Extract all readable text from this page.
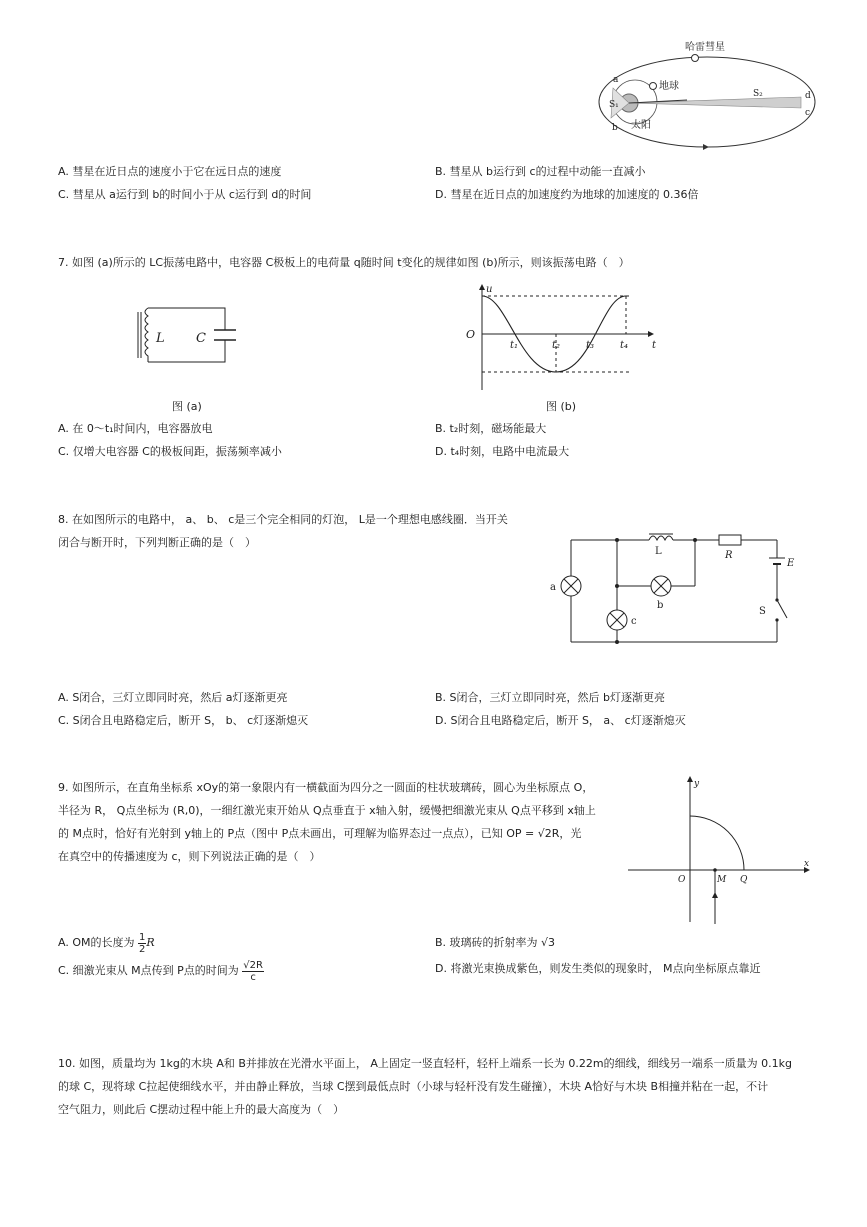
哈雷彗星
地球
太阳
S₁
S₂
a
b
c
d
A. 彗星在近日点的速度小于它在远日点的速度	B. 彗星从 b运行到 c的过程中动能一直减小
C. 彗星从 a运行到 b的时间小于从 c运行到 d的时间	D. 彗星在近日点的加速度约为地球的加速度的 0.36倍
7. 如图 (a)所示的 LC振荡电路中，电容器 C极板上的电荷量 q随时间 t变化的规律如图 (b)所示，则该振荡电路（　）
L C
u
t
O
t₁	t₂	t₃	t₄
图 (a)	图 (b)
A. 在 0～t₁时间内，电容器放电	B. t₂时刻，磁场能最大
C. 仅增大电容器 C的极板间距，振荡频率减小	D. t₄时刻，电路中电流最大
8. 在如图所示的电路中， a、 b、 c是三个完全相同的灯泡， L是一个理想电感线圈．当开关
闭合与断开时，下列判断正确的是（　）
L	R
E
S
a
b
c
A. S闭合，三灯立即同时亮，然后 a灯逐渐更亮	B. S闭合，三灯立即同时亮，然后 b灯逐渐更亮
C. S闭合且电路稳定后，断开 S， b、 c灯逐渐熄灭	D. S闭合且电路稳定后，断开 S， a、 c灯逐渐熄灭
9. 如图所示，在直角坐标系 xOy的第一象限内有一横截面为四分之一圆面的柱状玻璃砖，圆心为坐标原点 O，
半径为 R， Q点坐标为 (R,0)，一细红激光束开始从 Q点垂直于 x轴入射，缓慢把细激光束从 Q点平移到 x轴上
的 M点时，恰好有光射到 y轴上的 P点（图中 P点未画出，可理解为临界态过一点点），已知 OP = √2R，光
在真空中的传播速度为 c，则下列说法正确的是（　）
y
x
O	M Q
A. OM的长度为 $\frac{1}{2}$ R	B. 玻璃砖的折射率为 √3
C. 细激光束从 M点传到 P点的时间为 $\frac{√2R}{c}$	D. 将激光束换成紫色，则发生类似的现象时， M点向坐标原点靠近
10. 如图，质量均为 1kg的木块 A和 B并排放在光滑水平面上， A上固定一竖直轻杆，轻杆上端系一长为 0.22m的细线，细线另一端系一质量为 0.1kg
的球 C，现将球 C拉起使细线水平，并由静止释放，当球 C摆到最低点时（小球与轻杆没有发生碰撞），木块 A恰好与木块 B相撞并粘在一起，不计
空气阻力，则此后 C摆动过程中能上升的最大高度为（　）
